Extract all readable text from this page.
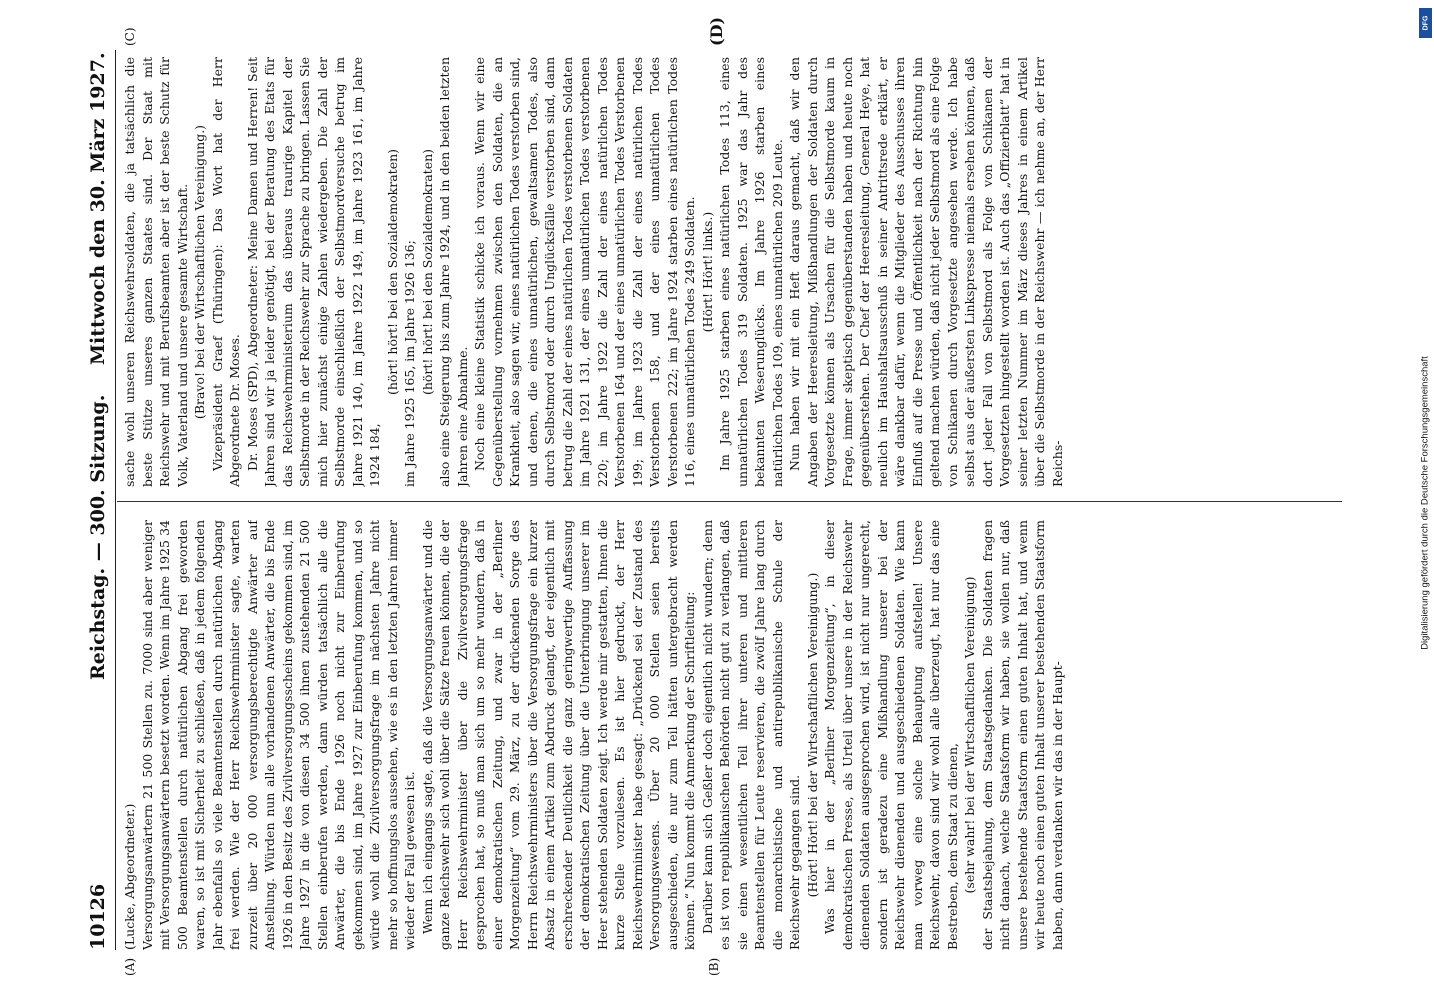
10126
Reichstag. — 300. Sitzung.
Mittwoch den 30. März 1927.
(A)	(B)
(C)	(D)

(Lucke, Abgeordneter.) Versorgungsanwärtern 21 500 Stellen zu. 7000 sind aber weniger mit Versorgungsanwärtern besetzt worden. Wenn im Jahre 1925 34 500 Beamtenstellen durch natürlichen Abgang frei geworden waren, so ist mit Sicherheit zu schließen, daß in jedem folgenden Jahr ebenfalls so viele Beamtenstellen durch natürlichen Abgang frei werden. Wie der Herr Reichswehrminister sagte, warten zurzeit über 20 000 versorgungsberechtigte Anwärter auf Anstellung. Würden nun alle vorhandenen Anwärter, die bis Ende 1926 in den Besitz des Zivilversorgungsscheins gekommen sind, im Jahre 1927 in die von diesen 34 500 ihnen zustehenden 21 500 Stellen einberufen werden, dann würden tatsächlich alle die Anwärter, die bis Ende 1926 noch nicht zur Einberufung gekommen sind, im Jahre 1927 zur Einberufung kommen, und so würde wohl die Zivilversorgungsfrage im nächsten Jahre nicht mehr so hoffnungslos aussehen, wie es in den letzten Jahren immer wieder der Fall gewesen ist. Wenn ich eingangs sagte, daß die Versorgungsanwärter und die ganze Reichswehr sich wohl über die Sätze freuen können, die der Herr Reichswehrminister über die Zivilversorgungsfrage gesprochen hat, so muß man sich um so mehr wundern, daß in einer demokratischen Zeitung, und zwar in der „Berliner Morgenzeitung“ vom 29. März, zu der drückenden Sorge des Herrn Reichswehrministers über die Versorgungsfrage ein kurzer Absatz in einem Artikel zum Abdruck gelangt, der eigentlich mit erschreckender Deutlichkeit die ganz geringwertige Auffassung der demokratischen Zeitung über die Unterbringung unserer im Heer stehenden Soldaten zeigt. Ich werde mir gestatten, Ihnen die kurze Stelle vorzulesen. Es ist hier gedruckt, der Herr Reichswehrminister habe gesagt: „Drückend sei der Zustand des Versorgungswesens. Über 20 000 Stellen seien bereits ausgeschieden, die nur zum Teil hätten untergebracht werden können.“ Nun kommt die Anmerkung der Schriftleitung: Darüber kann sich Geßler doch eigentlich nicht wundern; denn es ist von republikanischen Behörden nicht gut zu verlangen, daß sie einen wesentlichen Teil ihrer unteren und mittleren Beamtenstellen für Leute reservieren, die zwölf Jahre lang durch die monarchistische und antirepublikanische Schule der Reichswehr gegangen sind. (Hört! Hört! bei der Wirtschaftlichen Vereinigung.) Was hier in der „Berliner Morgenzeitung“, in dieser demokratischen Presse, als Urteil über unsere in der Reichswehr dienenden Soldaten ausgesprochen wird, ist nicht nur ungerecht, sondern ist geradezu eine Mißhandlung unserer bei der Reichswehr dienenden und ausgeschiedenen Soldaten. Wie kann man vorweg eine solche Behauptung aufstellen! Unsere Reichswehr, davon sind wir wohl alle überzeugt, hat nur das eine Bestreben, dem Staat zu dienen, (sehr wahr! bei der Wirtschaftlichen Vereinigung) der Staatsbejahung, dem Staatsgedanken. Die Soldaten fragen nicht danach, welche Staatsform wir haben, sie wollen nur, daß unsere bestehende Staatsform einen guten Inhalt hat, und wenn wir heute noch einen guten Inhalt unserer bestehenden Staatsform haben, dann verdanken wir das in der Haupt-

sache wohl unseren Reichswehrsoldaten, die ja tatsächlich die beste Stütze unseres ganzen Staates sind. Der Staat mit Reichswehr und mit Berufsbeamten aber ist der beste Schutz für Volk, Vaterland und unsere gesamte Wirtschaft. (Bravo! bei der Wirtschaftlichen Vereinigung.) Vizepräsident Graef (Thüringen): Das Wort hat der Herr Abgeordnete Dr. Moses. Dr. Moses (SPD), Abgeordneter: Meine Damen und Herren! Seit Jahren sind wir ja leider genötigt, bei der Beratung des Etats für das Reichswehrministerium das überaus traurige Kapitel der Selbstmorde in der Reichswehr zur Sprache zu bringen. Lassen Sie mich hier zunächst einige Zahlen wiedergeben. Die Zahl der Selbstmorde einschließlich der Selbstmordversuche betrug im Jahre 1921 140, im Jahre 1922 149, im Jahre 1923 161, im Jahre 1924 184,

(hört! hört! bei den Sozialdemokraten) im Jahre 1925 165, im Jahre 1926 136; (hört! hört! bei den Sozialdemokraten) also eine Steigerung bis zum Jahre 1924, und in den beiden letzten Jahren eine Abnahme. Noch eine kleine Statistik schicke ich voraus. Wenn wir eine Gegenüberstellung vornehmen zwischen den Soldaten, die an Krankheit, also sagen wir, eines natürlichen Todes verstorben sind, und denen, die eines unnatürlichen, gewaltsamen Todes, also durch Selbstmord oder durch Unglücksfälle verstorben sind, dann betrug die Zahl der eines natürlichen Todes verstorbenen Soldaten im Jahre 1921 131, der eines unnatürlichen Todes verstorbenen 220; im Jahre 1922 die Zahl der eines natürlichen Todes Verstorbenen 164 und der eines unnatürlichen Todes Verstorbenen 199; im Jahre 1923 die Zahl der eines natürlichen Todes Verstorbenen 158, und der eines unnatürlichen Todes Verstorbenen 222; im Jahre 1924 starben eines natürlichen Todes 116, eines unnatürlichen Todes 249 Soldaten. (Hört! Hört! links.) Im Jahre 1925 starben eines natürlichen Todes 113, eines unnatürlichen Todes 319 Soldaten. 1925 war das Jahr des bekannten Weserunglücks. Im Jahre 1926 starben eines natürlichen Todes 109, eines unnatürlichen 209 Leute. Nun haben wir mit ein Heft daraus gemacht, daß wir den Angaben der Heeresleitung, Mißhandlungen der Soldaten durch Vorgesetzte können als Ursachen für die Selbstmorde kaum in Frage, immer skeptisch gegenüberstanden haben und heute noch gegenüberstehen. Der Chef der Heeresleitung, General Heye, hat neulich im Haushaltsausschuß in seiner Antrittsrede erklärt, er wäre dankbar dafür, wenn die Mitglieder des Ausschusses ihren Einfluß auf die Presse und Öffentlichkeit nach der Richtung hin geltend machen würden, daß nicht jeder Selbstmord als eine Folge von Schikanen durch Vorgesetzte angesehen werde. Ich habe selbst aus der äußersten Linkspresse niemals ersehen können, daß dort jeder Fall von Selbstmord als Folge von Schikanen der Vorgesetzten hingestellt worden ist. Auch das „Offizierblatt“ hat in seiner letzten Nummer im März dieses Jahres in einem Artikel über die Selbstmorde in der Reichswehr — ich nehme an, der Herr Reichs-

DFG
Digitalisierung gefördert durch die Deutsche Forschungsgemeinschaft
